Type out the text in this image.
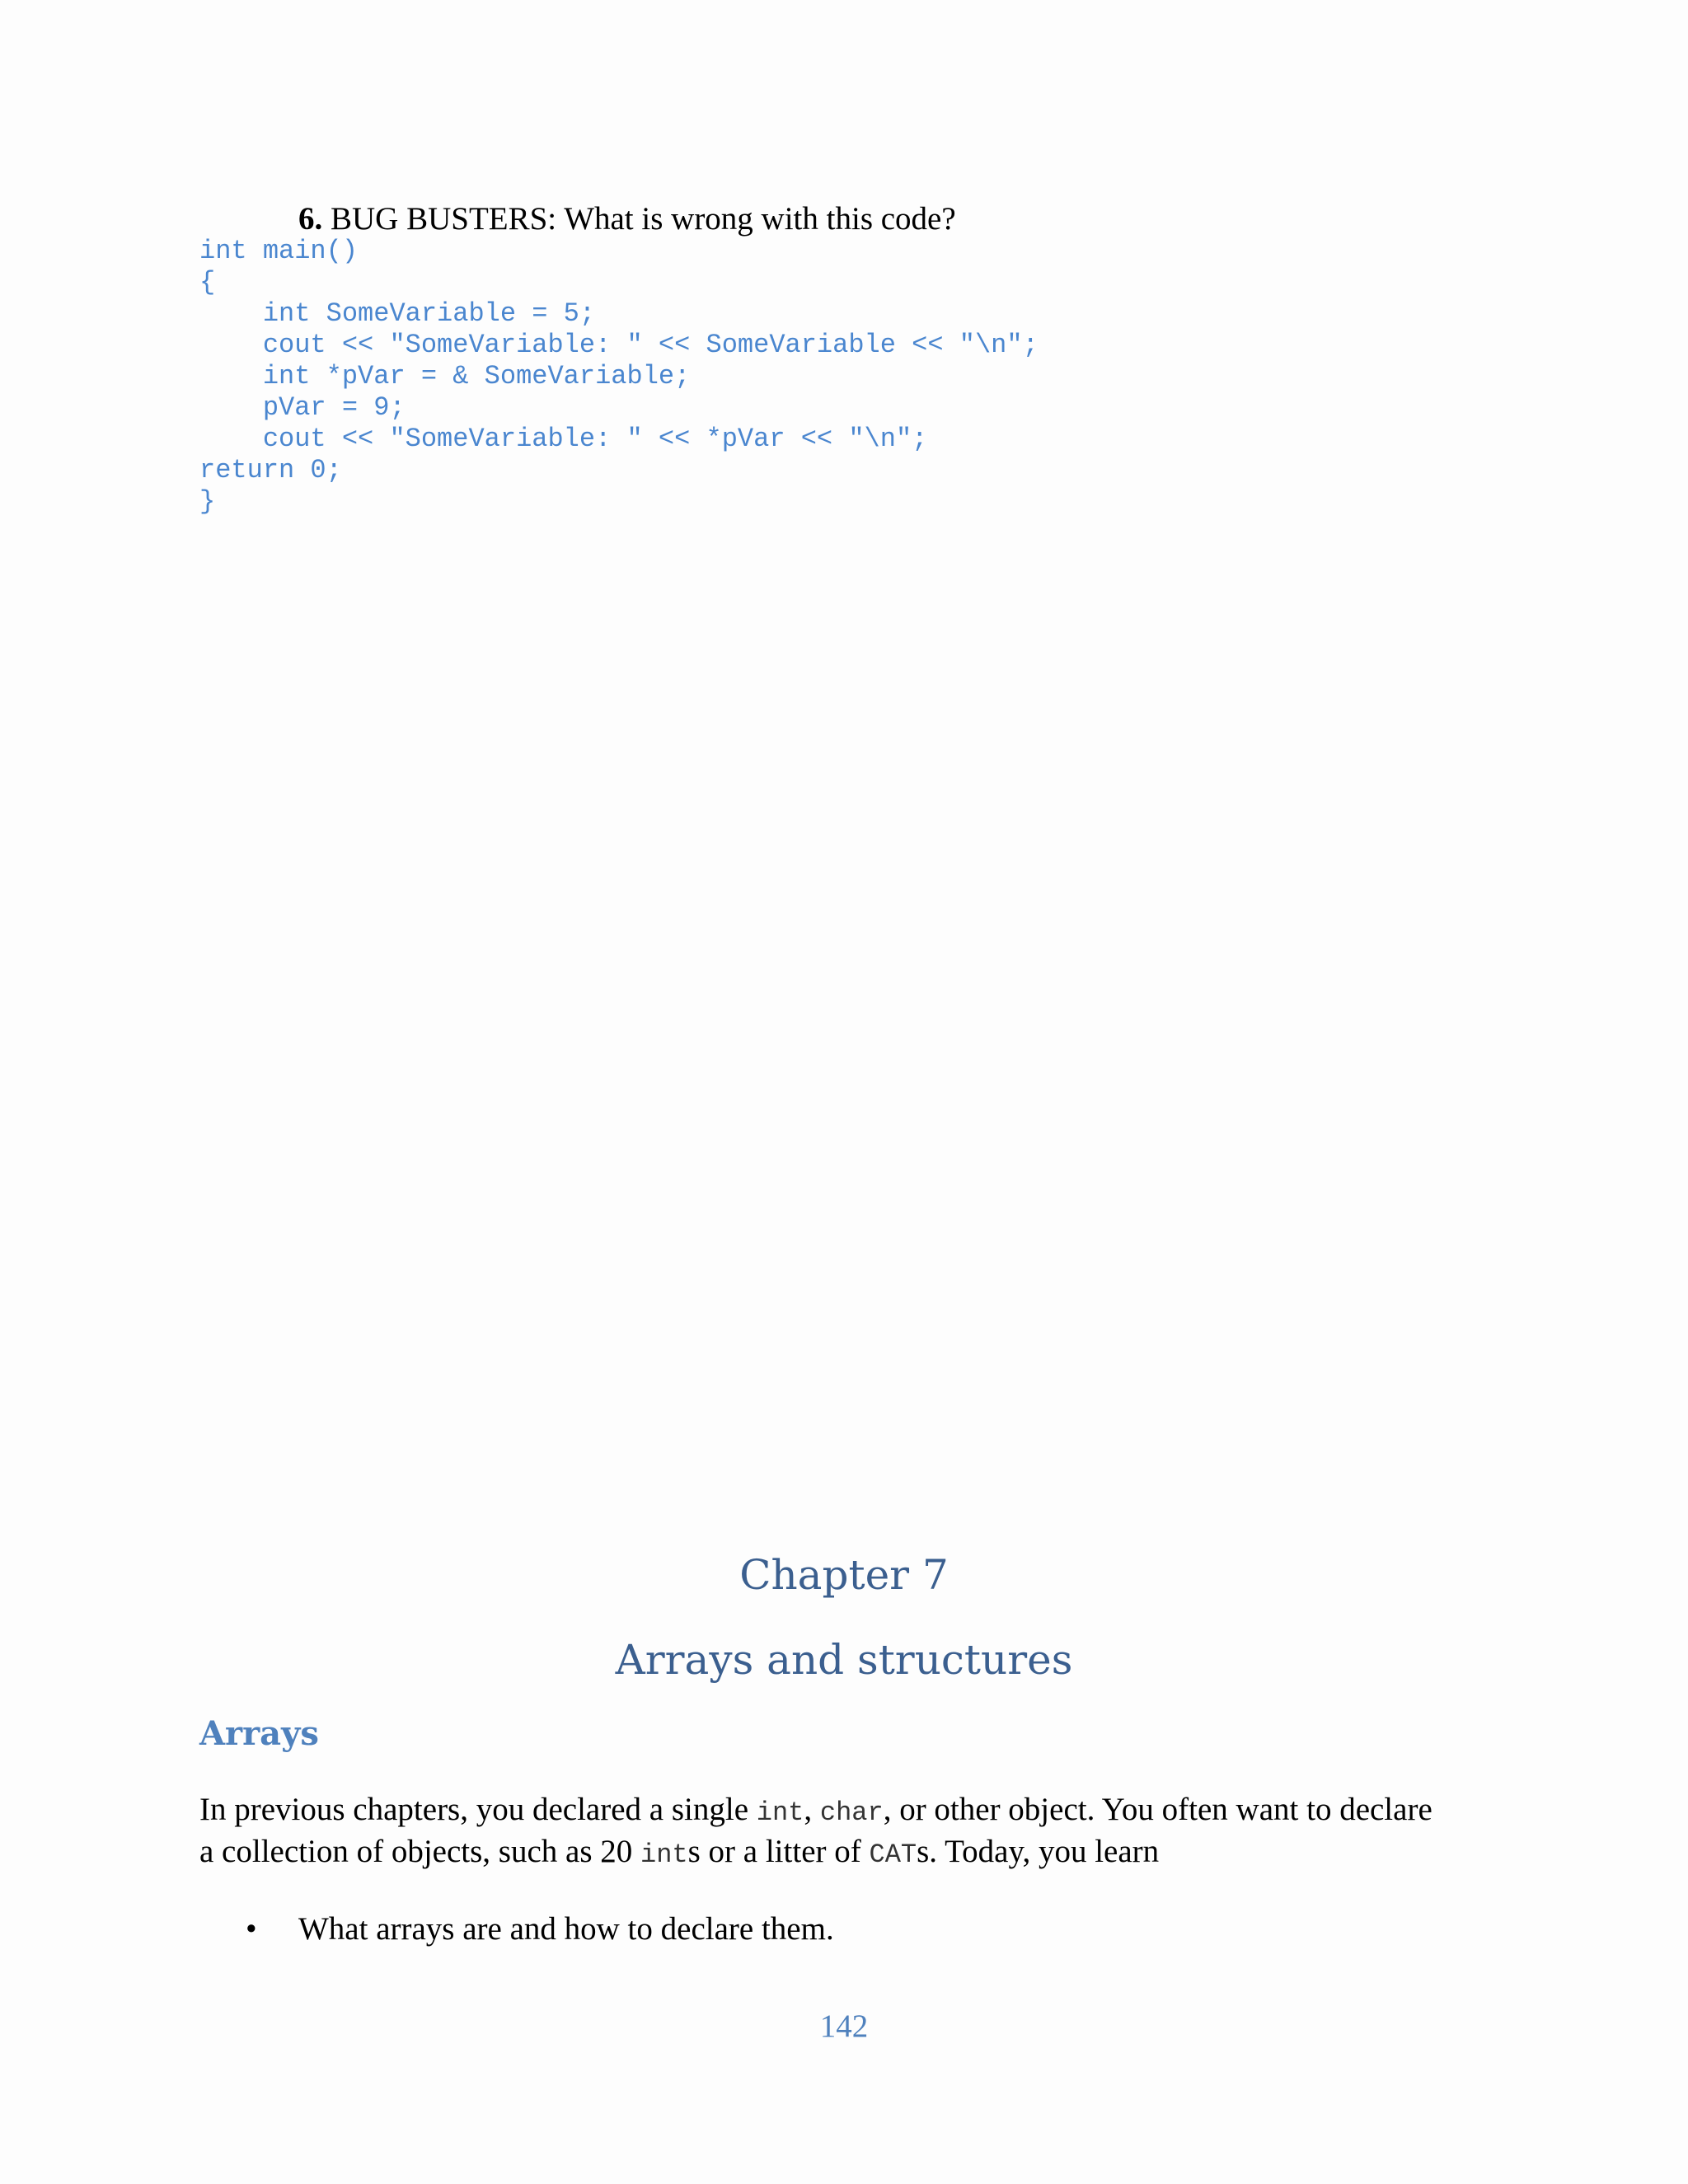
6. BUG BUSTERS: What is wrong with this code?
int main()
{
int SomeVariable = 5;
cout << "SomeVariable: " << SomeVariable << "\n";
int *pVar = & SomeVariable;
pVar = 9;
cout << "SomeVariable: " << *pVar << "\n";
return 0;
}
Chapter 7
Arrays and structures
Arrays
In previous chapters, you declared a single int, char, or other object. You often want to declare
a collection of objects, such as 20 ints or a litter of CATs. Today, you learn
• What arrays are and how to declare them.
142
